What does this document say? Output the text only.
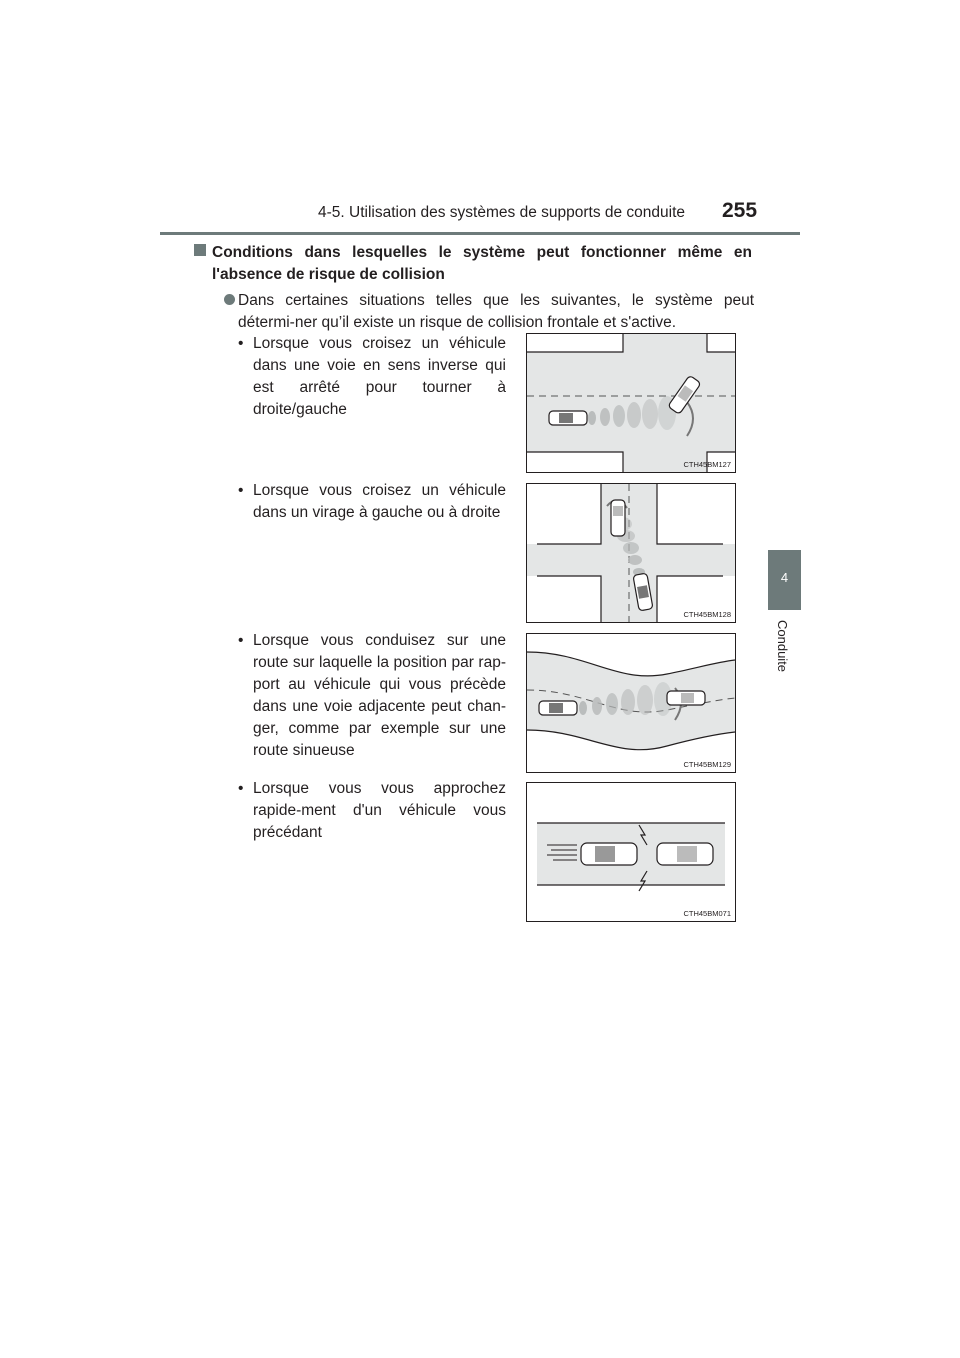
4-5. Utilisation des systèmes de supports de conduite 255
4
Conduite
Conditions dans lesquelles le système peut fonctionner même en l'absence de risque de collision
Dans certaines situations telles que les suivantes, le système peut détermi-ner qu’il existe un risque de collision frontale et s'active.
• Lorsque vous croisez un véhicule dans une voie en sens inverse qui est arrêté pour tourner à droite/gauche
CTH45BM127
• Lorsque vous croisez un véhicule dans un virage à gauche ou à droite
CTH45BM128
• Lorsque vous conduisez sur une route sur laquelle la position par rap-port au véhicule qui vous précède dans une voie adjacente peut chan-ger, comme par exemple sur une route sinueuse
CTH45BM129
• Lorsque vous vous approchez rapide-ment d'un véhicule vous précédant
CTH45BM071
